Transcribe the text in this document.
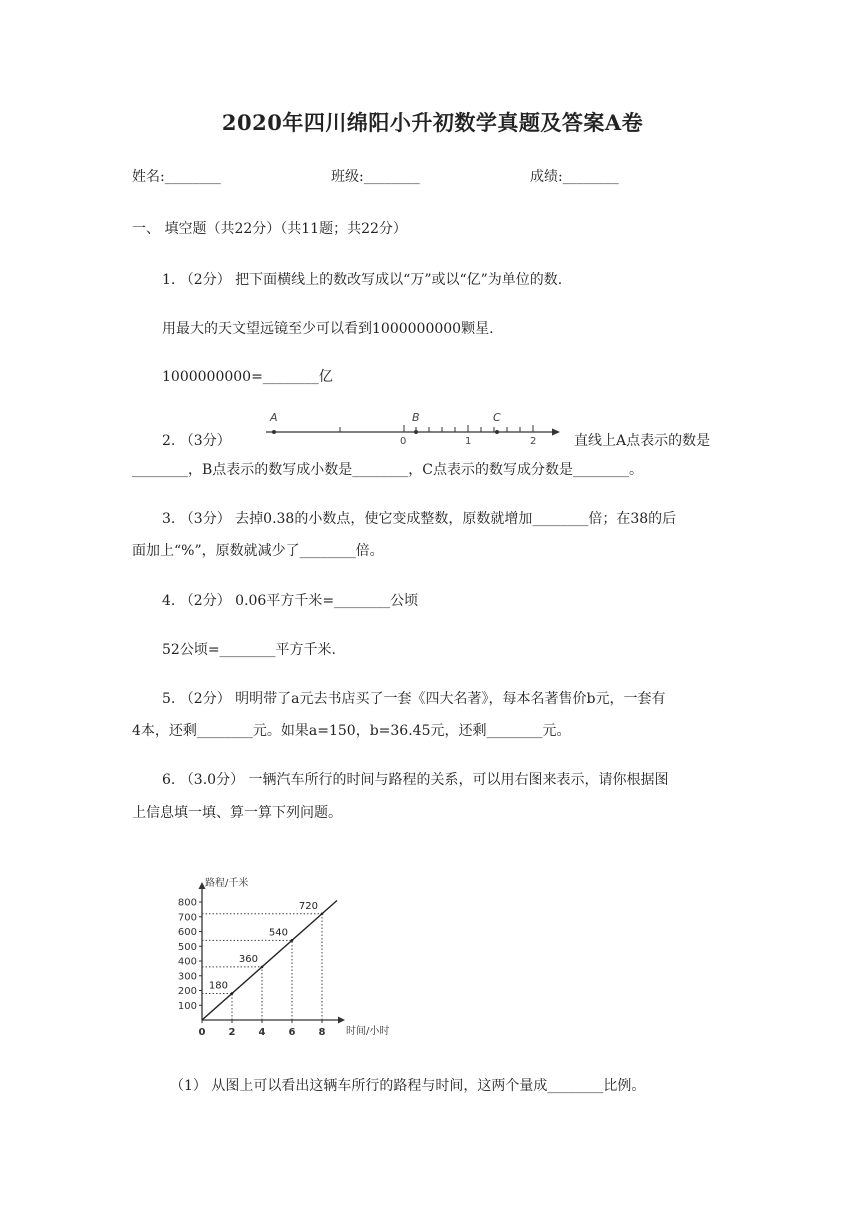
2020年四川绵阳小升初数学真题及答案A卷
姓名:________	班级:________	成绩:________
一、 填空题（共22分）（共11题；共22分）
1. （2分） 把下面横线上的数改写成以“万”或以“亿”为单位的数.
用最大的天文望远镜至少可以看到1000000000颗星.
1000000000=________亿
2. （3分）
A	B	C
0	1	2	直线上A点表示的数是
________，B点表示的数写成小数是________，C点表示的数写成分数是________。
3. （3分） 去掉0.38的小数点，使它变成整数，原数就增加________倍；在38的后
面加上“%”，原数就减少了________倍。
4. （2分） 0.06平方千米=________公顷
52公顷=________平方千米.
5. （2分） 明明带了a元去书店买了一套《四大名著》，每本名著售价b元，一套有
4本，还剩________元。如果a=150，b=36.45元，还剩________元。
6. （3.0分） 一辆汽车所行的时间与路程的关系，可以用右图来表示，请你根据图
上信息填一填、算一算下列问题。
路程/千米
时间/小时
100
200
300
400
500
600
700
800
0 2 4 6 8
180
360
540
720
（1） 从图上可以看出这辆车所行的路程与时间，这两个量成________比例。
